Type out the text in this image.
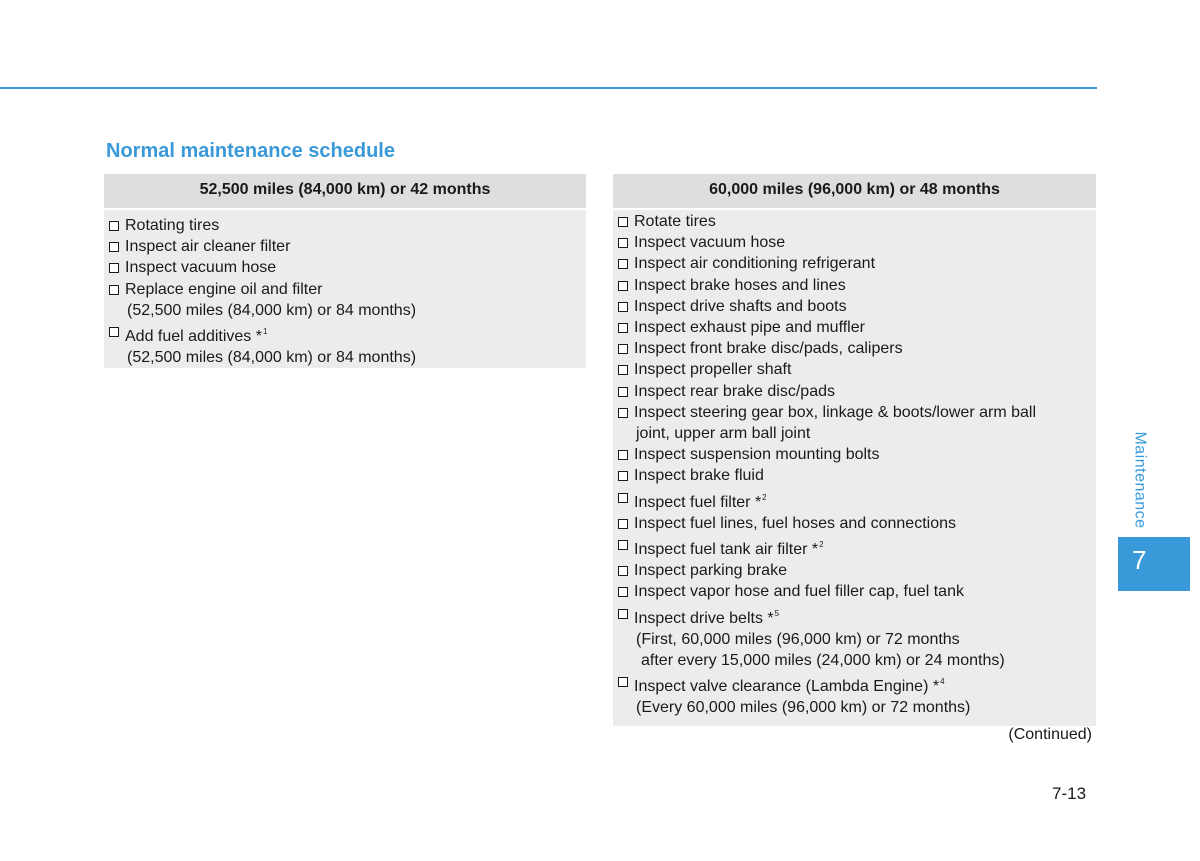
Normal maintenance schedule
52,500 miles (84,000 km) or 42 months
Rotating tires
Inspect air cleaner filter
Inspect vacuum hose
Replace engine oil and filter
(52,500 miles (84,000 km) or 84 months)
Add fuel additives *$^1$
(52,500 miles (84,000 km) or 84 months)
60,000 miles (96,000 km) or 48 months
Rotate tires
Inspect vacuum hose
Inspect air conditioning refrigerant
Inspect brake hoses and lines
Inspect drive shafts and boots
Inspect exhaust pipe and muffler
Inspect front brake disc/pads, calipers
Inspect propeller shaft
Inspect rear brake disc/pads
Inspect steering gear box, linkage & boots/lower arm ball
joint, upper arm ball joint
Inspect suspension mounting bolts
Inspect brake fluid
Inspect fuel filter *$^2$
Inspect fuel lines, fuel hoses and connections
Inspect fuel tank air filter *$^2$
Inspect parking brake
Inspect vapor hose and fuel filler cap, fuel tank
Inspect drive belts *$^5$
(First, 60,000 miles (96,000 km) or 72 months
after every 15,000 miles (24,000 km) or 24 months)
Inspect valve clearance (Lambda Engine) *$^4$
(Every 60,000 miles (96,000 km) or 72 months)
(Continued)
Maintenance
7
7-13
